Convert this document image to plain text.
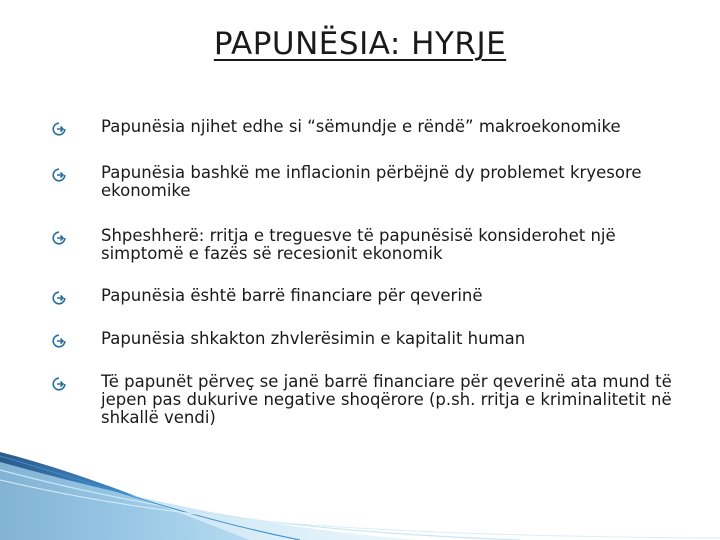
PAPUNËSIA: HYRJE
Papunësia njihet edhe si “sëmundje e rëndë” makroekonomike
Papunësia bashkë me inflacionin përbëjnë dy problemet kryesore ekonomike
Shpeshherë: rritja e treguesve të papunësisë konsiderohet një simptomë e fazës së recesionit ekonomik
Papunësia është barrë financiare për qeverinë
Papunësia shkakton zhvlerësimin e kapitalit human
Të papunët përveç se janë barrë financiare për qeverinë ata mund të jepen pas dukurive negative shoqërore (p.sh. rritja e kriminalitetit në shkallë vendi)
